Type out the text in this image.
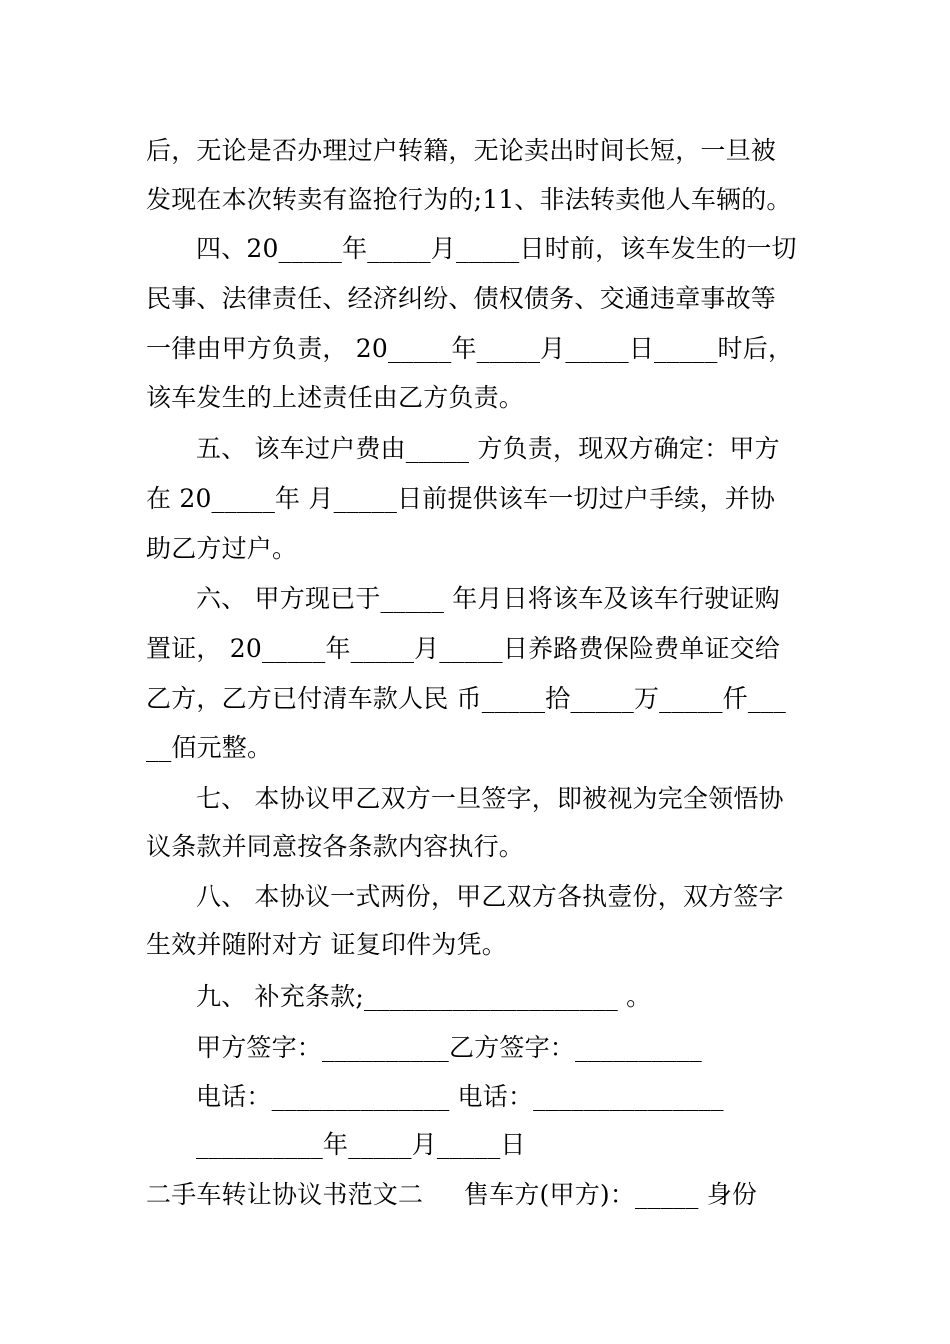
后，无论是否办理过户转籍，无论卖出时间长短，一旦被
发现在本次转卖有盗抢行为的;11、非法转卖他人车辆的。
四、20_____年_____月_____日时前，该车发生的一切
民事、法律责任、经济纠纷、债权债务、交通违章事故等
一律由甲方负责， 20_____年_____月_____日_____时后，
该车发生的上述责任由乙方负责。
五、 该车过户费由_____ 方负责，现双方确定：甲方
在 20_____年 月_____日前提供该车一切过户手续，并协
助乙方过户。
六、 甲方现已于_____ 年月日将该车及该车行驶证购
置证， 20_____年_____月_____日养路费保险费单证交给
乙方，乙方已付清车款人民 币_____拾_____万_____仟___
__佰元整。
七、 本协议甲乙双方一旦签字，即被视为完全领悟协
议条款并同意按各条款内容执行。
八、 本协议一式两份，甲乙双方各执壹份，双方签字
生效并随附对方 证复印件为凭。
九、 补充条款;____________________ 。
甲方签字：__________乙方签字：__________
电话：______________ 电话：_______________
__________年_____月_____日
二手车转让协议书范文二     售车方(甲方)：_____ 身份
